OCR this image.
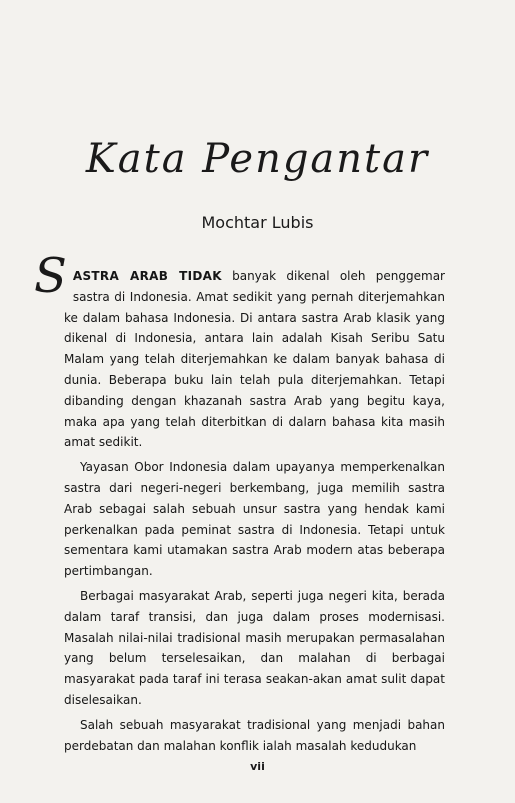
Kata Pengantar
Mochtar Lubis

SASTRA ARAB TIDAK banyak dikenal oleh penggemar sastra di Indonesia. Amat sedikit yang pernah diterjemahkan ke dalam bahasa Indonesia. Di antara sastra Arab klasik yang dikenal di Indonesia, antara lain adalah Kisah Seribu Satu Malam yang telah diterjemahkan ke dalam banyak bahasa di dunia. Beberapa buku lain telah pula diterjemahkan. Tetapi dibanding dengan khazanah sastra Arab yang begitu kaya, maka apa yang telah diterbitkan di dalarn bahasa kita masih amat sedikit.

Yayasan Obor Indonesia dalam upayanya memperkenalkan sastra dari negeri-negeri berkembang, juga memilih sastra Arab sebagai salah sebuah unsur sastra yang hendak kami perkenalkan pada peminat sastra di Indonesia. Tetapi untuk sementara kami utamakan sastra Arab modern atas beberapa pertimbangan.

Berbagai masyarakat Arab, seperti juga negeri kita, berada dalam taraf transisi, dan juga dalam proses modernisasi. Masalah nilai-nilai tradisional masih merupakan permasalahan yang belum terselesaikan, dan malahan di berbagai masyarakat pada taraf ini terasa seakan-akan amat sulit dapat diselesaikan.

Salah sebuah masyarakat tradisional yang menjadi bahan perdebatan dan malahan konflik ialah masalah kedudukan

vii
